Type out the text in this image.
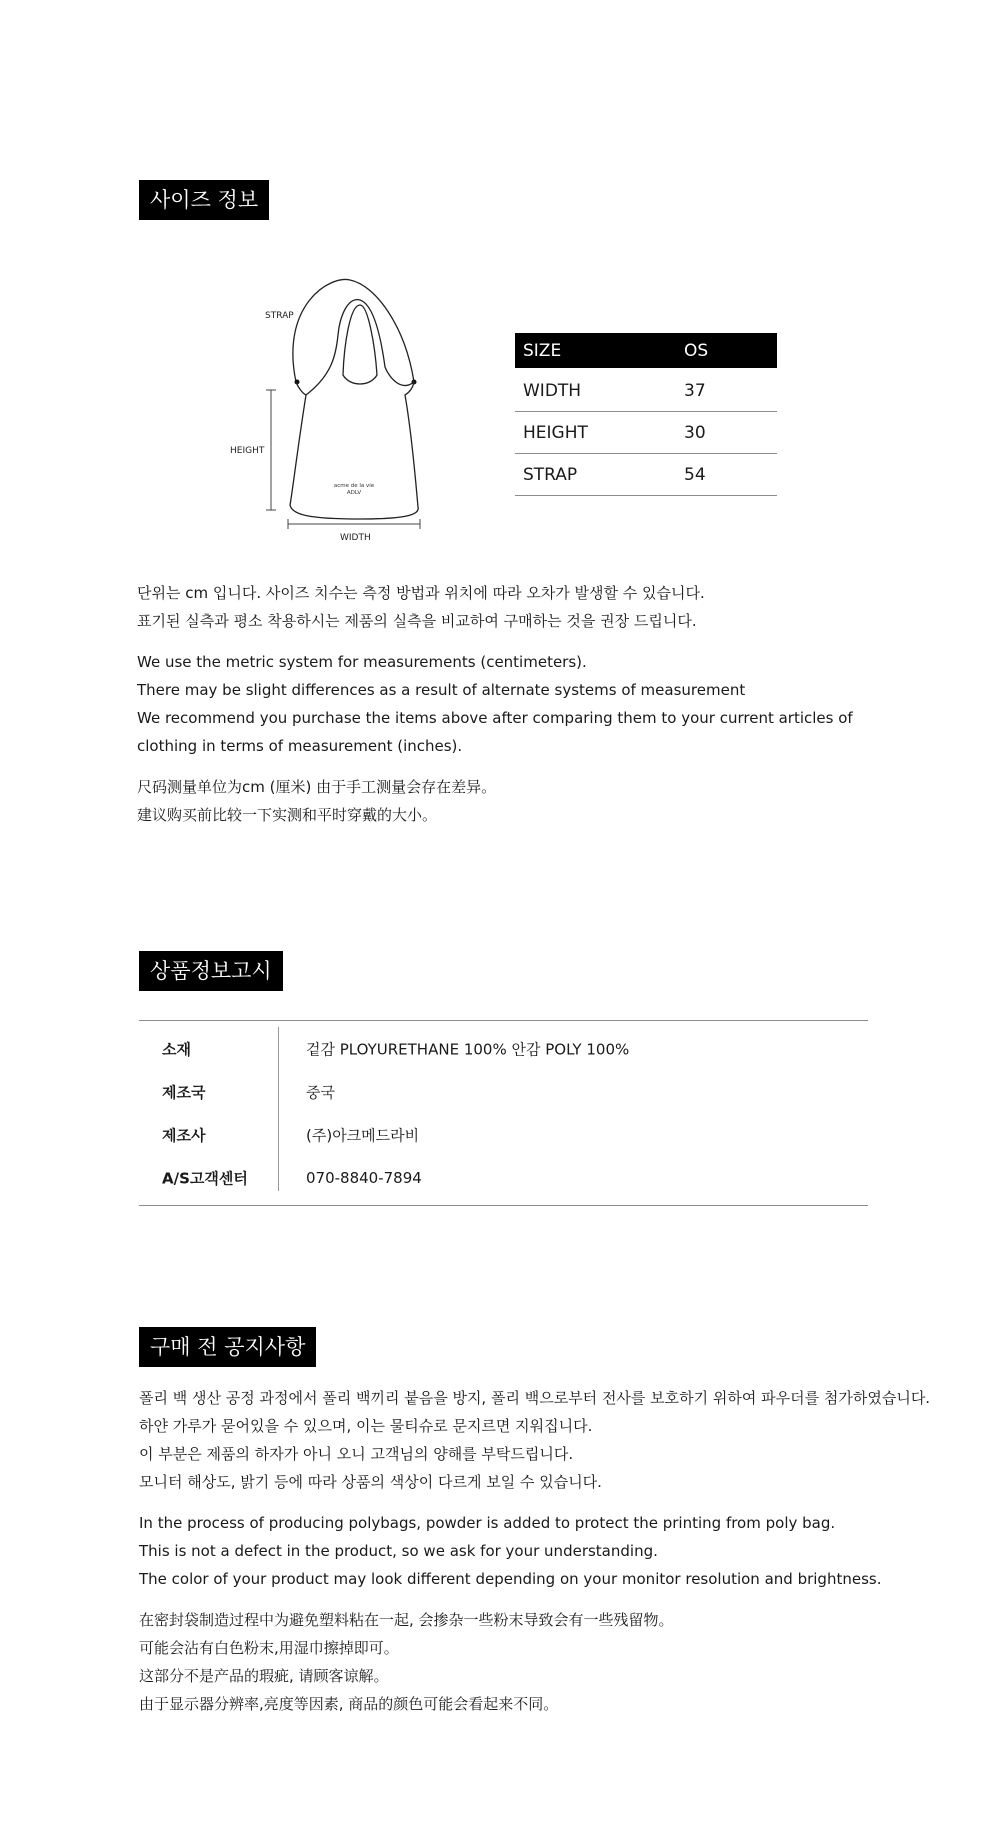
사이즈 정보
acme de la vie
ADLV
STRAP
HEIGHT
WIDTH
SIZE	OS
WIDTH	37
HEIGHT	30
STRAP	54
단위는 cm 입니다. 사이즈 치수는 측정 방법과 위치에 따라 오차가 발생할 수 있습니다.
표기된 실측과 평소 착용하시는 제품의 실측을 비교하여 구매하는 것을 권장 드립니다.
We use the metric system for measurements (centimeters).
There may be slight differences as a result of alternate systems of measurement
We recommend you purchase the items above after comparing them to your current articles of
clothing in terms of measurement (inches).
尺码测量单位为cm (厘米) 由于手工测量会存在差异。
建议购买前比较一下实测和平时穿戴的大小。
상품정보고시
소재	겉감 PLOYURETHANE 100% 안감 POLY 100%
제조국	중국
제조사	(주)아크메드라비
A/S고객센터	070-8840-7894
구매 전 공지사항
폴리 백 생산 공정 과정에서 폴리 백끼리 붙음을 방지, 폴리 백으로부터 전사를 보호하기 위하여 파우더를 첨가하였습니다.
하얀 가루가 묻어있을 수 있으며, 이는 물티슈로 문지르면 지워집니다.
이 부분은 제품의 하자가 아니 오니 고객님의 양해를 부탁드립니다.
모니터 해상도, 밝기 등에 따라 상품의 색상이 다르게 보일 수 있습니다.
In the process of producing polybags, powder is added to protect the printing from poly bag.
This is not a defect in the product, so we ask for your understanding.
The color of your product may look different depending on your monitor resolution and brightness.
在密封袋制造过程中为避免塑料粘在一起, 会掺杂一些粉末导致会有一些残留物。
可能会沾有白色粉末,用湿巾擦掉即可。
这部分不是产品的瑕疵, 请顾客谅解。
由于显示器分辨率,亮度等因素, 商品的颜色可能会看起来不同。
